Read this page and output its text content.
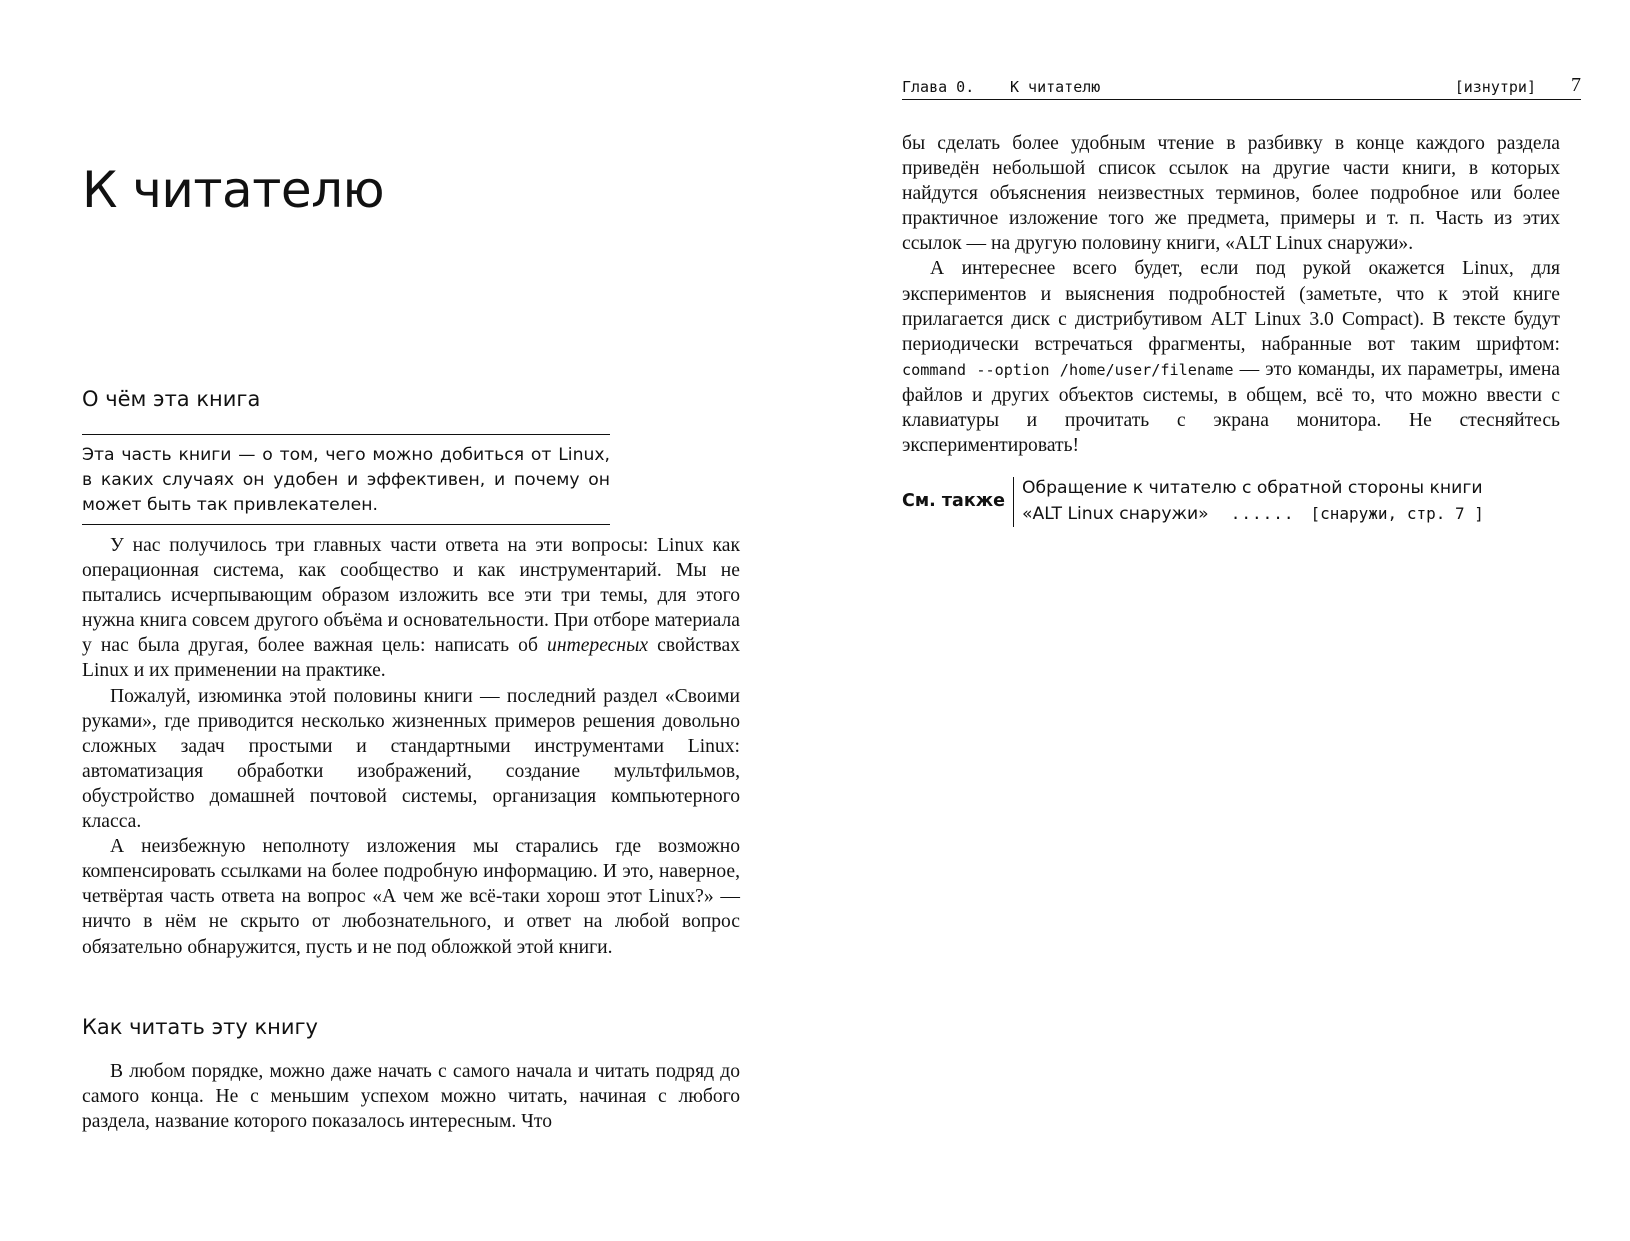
К читателю
О чём эта книга
Эта часть книги — о том, чего можно добиться от Linux, в каких случаях он удобен и эффективен, и почему он может быть так привлекателен.

У нас получилось три главных части ответа на эти вопросы: Linux как операционная система, как сообщество и как инструментарий. Мы не пытались исчерпывающим образом изложить все эти три темы, для этого нужна книга совсем другого объёма и основательности. При отборе материала у нас была другая, более важная цель: написать об интересных свойствах Linux и их применении на практике.

Пожалуй, изюминка этой половины книги — последний раздел «Своими руками», где приводится несколько жизненных примеров решения довольно сложных задач простыми и стандартными инструментами Linux: автоматизация обработки изображений, создание мультфильмов, обустройство домашней почтовой системы, организация компьютерного класса.

А неизбежную неполноту изложения мы старались где возможно компенсировать ссылками на более подробную информацию. И это, наверное, четвёртая часть ответа на вопрос «А чем же всё-таки хорош этот Linux?» — ничто в нём не скрыто от любознательного, и ответ на любой вопрос обязательно обнаружится, пусть и не под обложкой этой книги.

Как читать эту книгу

В любом порядке, можно даже начать с самого начала и читать подряд до самого конца. Не с меньшим успехом можно читать, начиная с любого раздела, название которого показалось интересным. Что

Глава 0. К читателю	[изнутри] 7

бы сделать более удобным чтение в разбивку в конце каждого раздела приведён небольшой список ссылок на другие части книги, в которых найдутся объяснения неизвестных терминов, более подробное или более практичное изложение того же предмета, примеры и т. п. Часть из этих ссылок — на другую половину книги, «ALT Linux снаружи».

А интереснее всего будет, если под рукой окажется Linux, для экспериментов и выяснения подробностей (заметьте, что к этой книге прилагается диск с дистрибутивом ALT Linux 3.0 Compact). В тексте будут периодически встречаться фрагменты, набранные вот таким шрифтом: command --option /home/user/filename — это команды, их параметры, имена файлов и других объектов системы, в общем, всё то, что можно ввести с клавиатуры и прочитать с экрана монитора. Не стесняйтесь экспериментировать!

См. также
Обращение к читателю с обратной стороны книги
«ALT Linux снаружи» ...... [снаружи, стр. 7 ]
